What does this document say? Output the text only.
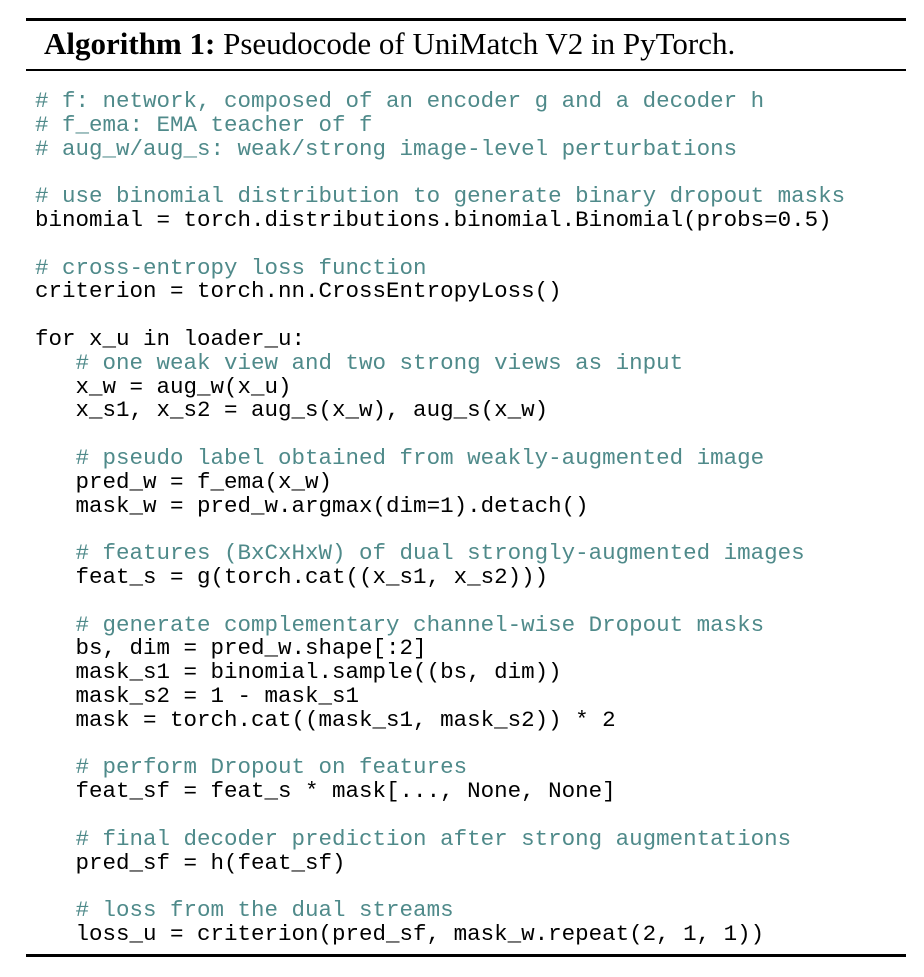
Algorithm 1: Pseudocode of UniMatch V2 in PyTorch.
# f: network, composed of an encoder g and a decoder h
# f_ema: EMA teacher of f
# aug_w/aug_s: weak/strong image-level perturbations
# use binomial distribution to generate binary dropout masks
binomial = torch.distributions.binomial.Binomial(probs=0.5)
# cross-entropy loss function
criterion = torch.nn.CrossEntropyLoss()
for x_u in loader_u:
# one weak view and two strong views as input
x_w = aug_w(x_u)
x_s1, x_s2 = aug_s(x_w), aug_s(x_w)
# pseudo label obtained from weakly-augmented image
pred_w = f_ema(x_w)
mask_w = pred_w.argmax(dim=1).detach()
# features (BxCxHxW) of dual strongly-augmented images
feat_s = g(torch.cat((x_s1, x_s2)))
# generate complementary channel-wise Dropout masks
bs, dim = pred_w.shape[:2]
mask_s1 = binomial.sample((bs, dim))
mask_s2 = 1 - mask_s1
mask = torch.cat((mask_s1, mask_s2)) * 2
# perform Dropout on features
feat_sf = feat_s * mask[..., None, None]
# final decoder prediction after strong augmentations
pred_sf = h(feat_sf)
# loss from the dual streams
loss_u = criterion(pred_sf, mask_w.repeat(2, 1, 1))
